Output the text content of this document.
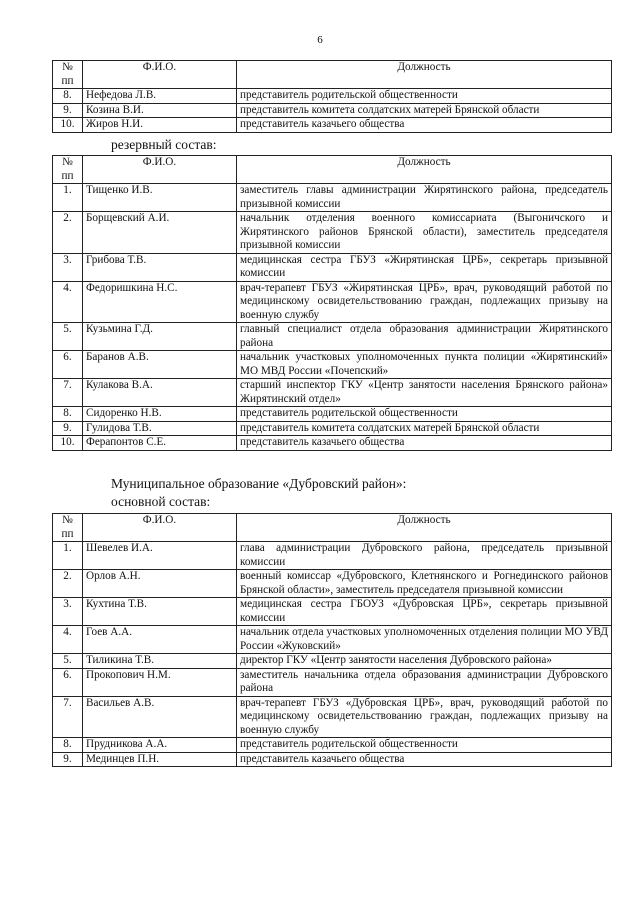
6
№ пп	Ф.И.О.	Должность
8.	Нефедова Л.В.	представитель родительской общественности
9.	Козина В.И.	представитель комитета солдатских матерей Брянской области
10.	Жиров Н.И.	представитель казачьего общества
резервный состав:
№ пп	Ф.И.О.	Должность
1.	Тищенко И.В.	заместитель главы администрации Жирятинского района, председатель призывной комиссии
2.	Борщевский А.И.	начальник отделения военного комиссариата (Выгоничского и Жирятинского районов Брянской области), заместитель председателя призывной комиссии
3.	Грибова Т.В.	медицинская сестра ГБУЗ «Жирятинская ЦРБ», секретарь призывной комиссии
4.	Федоришкина Н.С.	врач-терапевт ГБУЗ «Жирятинская ЦРБ», врач, руководящий работой по медицинскому освидетельствованию граждан, подлежащих призыву на военную службу
5.	Кузьмина Г.Д.	главный специалист отдела образования администрации Жирятинского района
6.	Баранов А.В.	начальник участковых уполномоченных пункта полиции «Жирятинский» МО МВД России «Почепский»
7.	Кулакова В.А.	старший инспектор ГКУ «Центр занятости населения Брянского района» Жирятинский отдел»
8.	Сидоренко Н.В.	представитель родительской общественности
9.	Гулидова Т.В.	представитель комитета солдатских матерей Брянской области
10.	Ферапонтов С.Е.	представитель казачьего общества
Муниципальное образование «Дубровский район»:
основной состав:
№ пп	Ф.И.О.	Должность
1.	Шевелев И.А.	глава администрации Дубровского района, председатель призывной комиссии
2.	Орлов А.Н.	военный комиссар «Дубровского, Клетнянского и Рогнединского районов Брянской области», заместитель председателя призывной комиссии
3.	Кухтина Т.В.	медицинская сестра ГБОУЗ «Дубровская ЦРБ», секретарь призывной комиссии
4.	Гоев А.А.	начальник отдела участковых уполномоченных отделения полиции МО УВД России «Жуковский»
5.	Тиликина Т.В.	директор ГКУ «Центр занятости населения Дубровского района»
6.	Прокопович Н.М.	заместитель начальника отдела образования администрации Дубровского района
7.	Васильев А.В.	врач-терапевт ГБУЗ «Дубровская ЦРБ», врач, руководящий работой по медицинскому освидетельствованию граждан, подлежащих призыву на военную службу
8.	Прудникова А.А.	представитель родительской общественности
9.	Мединцев П.Н.	представитель казачьего общества
